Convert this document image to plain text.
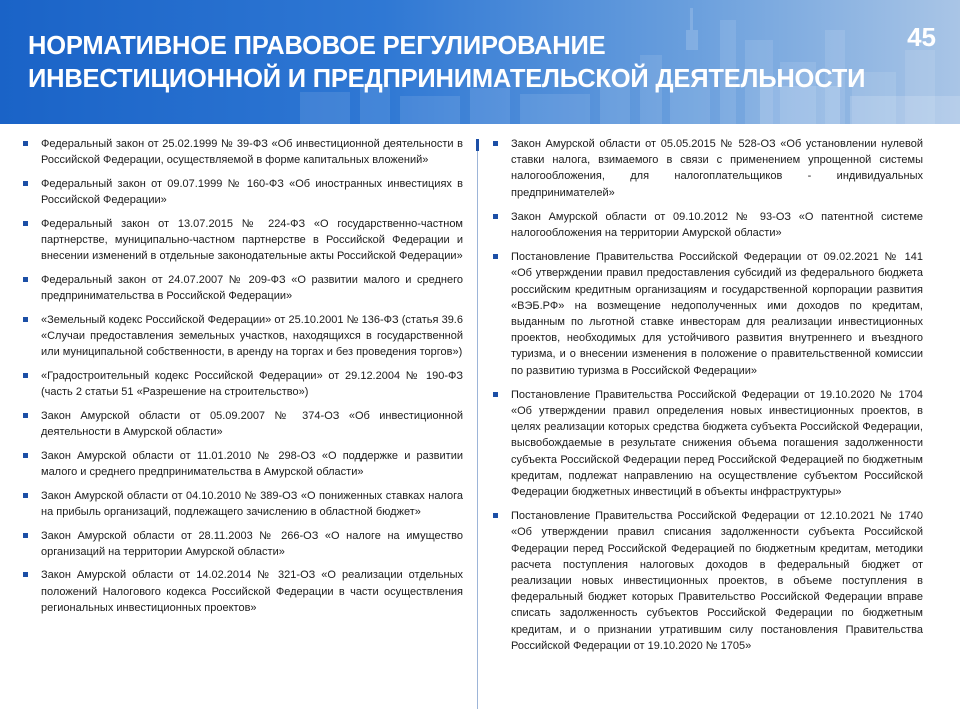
НОРМАТИВНОЕ ПРАВОВОЕ РЕГУЛИРОВАНИЕ
ИНВЕСТИЦИОННОЙ И ПРЕДПРИНИМАТЕЛЬСКОЙ ДЕЯТЕЛЬНОСТИ
45
Федеральный закон от 25.02.1999 № 39-ФЗ «Об инвестиционной деятельности в Российской Федерации, осуществляемой в форме капитальных вложений»
Федеральный закон от 09.07.1999 № 160-ФЗ «Об иностранных инвестициях в Российской Федерации»
Федеральный закон от 13.07.2015 № 224-ФЗ «О государственно-частном партнерстве, муниципально-частном партнерстве в Российской Федерации и внесении изменений в отдельные законодательные акты Российской Федерации»
Федеральный закон от 24.07.2007 № 209-ФЗ «О развитии малого и среднего предпринимательства в Российской Федерации»
«Земельный кодекс Российской Федерации» от 25.10.2001 № 136-ФЗ (статья 39.6 «Случаи предоставления земельных участков, находящихся в государственной или муниципальной собственности, в аренду на торгах и без проведения торгов»)
«Градостроительный кодекс Российской Федерации» от 29.12.2004 № 190-ФЗ (часть 2 статьи 51 «Разрешение на строительство»)
Закон Амурской области от 05.09.2007 № 374-ОЗ «Об инвестиционной деятельности в Амурской области»
Закон Амурской области от 11.01.2010 № 298-ОЗ «О поддержке и развитии малого и среднего предпринимательства в Амурской области»
Закон Амурской области от 04.10.2010 № 389-ОЗ «О пониженных ставках налога на прибыль организаций, подлежащего зачислению в областной бюджет»
Закон Амурской области от 28.11.2003 № 266-ОЗ «О налоге на имущество организаций на территории Амурской области»
Закон Амурской области от 14.02.2014 № 321-ОЗ «О реализации отдельных положений Налогового кодекса Российской Федерации в части осуществления региональных инвестиционных проектов»
Закон Амурской области от 05.05.2015 № 528-ОЗ «Об установлении нулевой ставки налога, взимаемого в связи с применением упрощенной системы налогообложения, для налогоплательщиков - индивидуальных предпринимателей»
Закон Амурской области от 09.10.2012 № 93-ОЗ «О патентной системе налогообложения на территории Амурской области»
Постановление Правительства Российской Федерации от 09.02.2021 № 141 «Об утверждении правил предоставления субсидий из федерального бюджета российским кредитным организациям и государственной корпорации развития «ВЭБ.РФ» на возмещение недополученных ими доходов по кредитам, выданным по льготной ставке инвесторам для реализации инвестиционных проектов, необходимых для устойчивого развития внутреннего и въездного туризма, и о внесении изменения в положение о правительственной комиссии по развитию туризма в Российской Федерации»
Постановление Правительства Российской Федерации от 19.10.2020 № 1704 «Об утверждении правил определения новых инвестиционных проектов, в целях реализации которых средства бюджета субъекта Российской Федерации, высвобождаемые в результате снижения объема погашения задолженности субъекта Российской Федерации перед Российской Федерацией по бюджетным кредитам, подлежат направлению на осуществление субъектом Российской Федерации бюджетных инвестиций в объекты инфраструктуры»
Постановление Правительства Российской Федерации от 12.10.2021 № 1740 «Об утверждении правил списания задолженности субъекта Российской Федерации перед Российской Федерацией по бюджетным кредитам, методики расчета поступления налоговых доходов в федеральный бюджет от реализации новых инвестиционных проектов, в объеме поступления в федеральный бюджет которых Правительство Российской Федерации вправе списать задолженность субъектов Российской Федерации по бюджетным кредитам, и о признании утратившим силу постановления Правительства Российской Федерации от 19.10.2020 № 1705»
